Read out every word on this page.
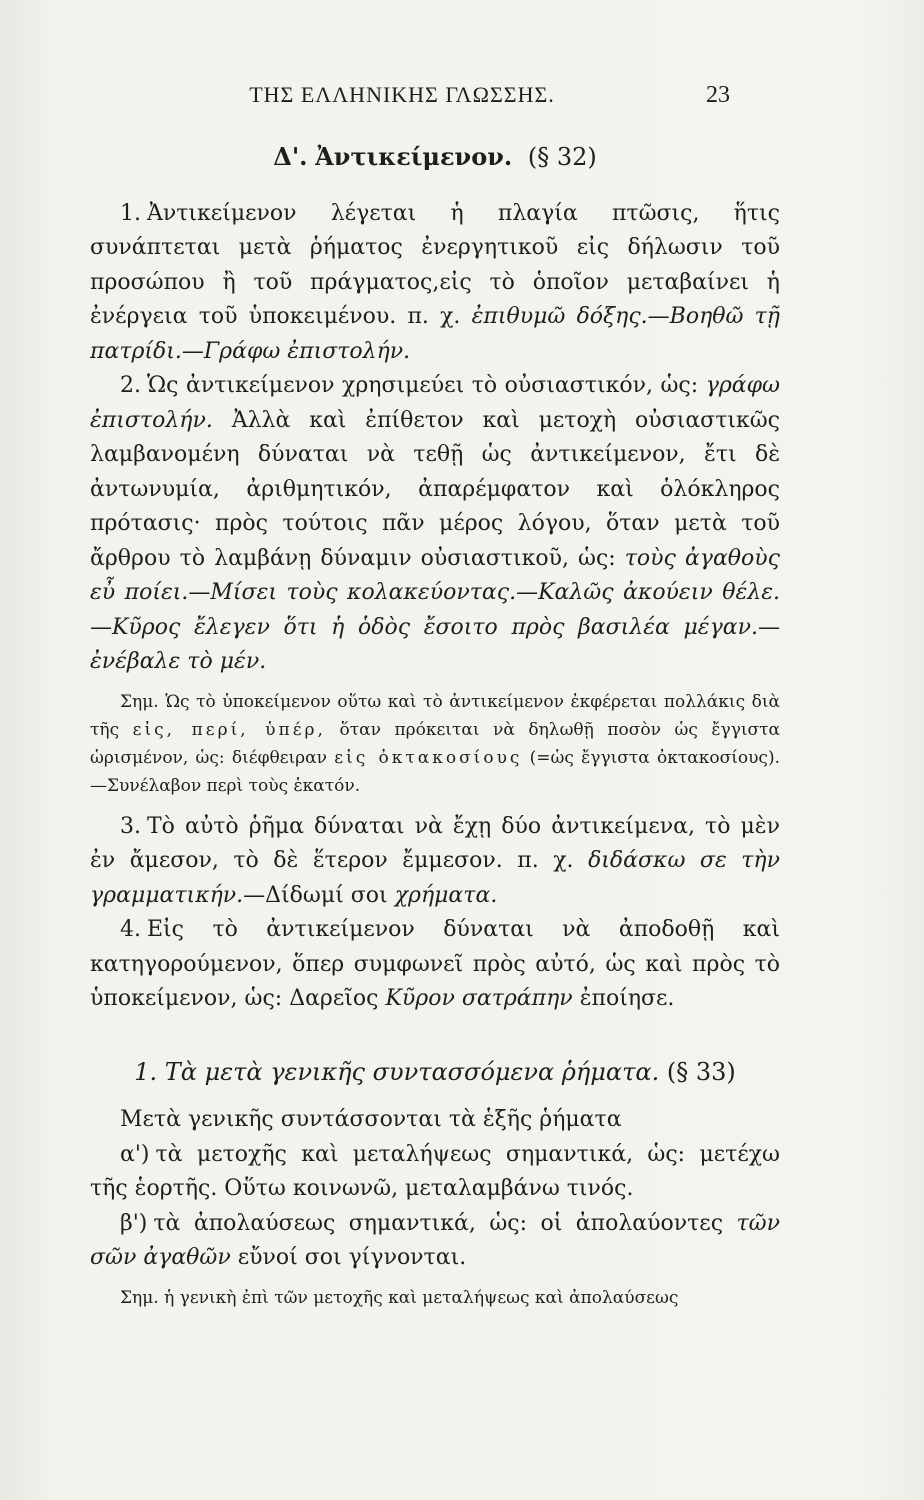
ΤΗΣ ΕΛΛΗΝΙΚΗΣ ΓΛΩΣΣΗΣ.	23
Δ'. Ἀντικείμενον. (§ 32)

1. Ἀντικείμενον λέγεται ἡ πλαγία πτῶσις, ἥτις συνάπτεται μετὰ ῥήματος ἐνεργητικοῦ εἰς δήλωσιν τοῦ προσώπου ἢ τοῦ πράγματος,εἰς τὸ ὁποῖον μεταβαίνει ἡ ἐνέργεια τοῦ ὑποκειμένου. π. χ. ἐπιθυμῶ δόξης.—Βοηθῶ τῇ πατρίδι.—Γράφω ἐπιστολήν.

2. Ὡς ἀντικείμενον χρησιμεύει τὸ οὐσιαστικόν, ὡς: γράφω ἐπιστολήν. Ἀλλὰ καὶ ἐπίθετον καὶ μετοχὴ οὐσιαστικῶς λαμβανομένη δύναται νὰ τεθῇ ὡς ἀντικείμενον, ἔτι δὲ ἀντωνυμία, ἀριθμητικόν, ἀπαρέμφατον καὶ ὁλόκληρος πρότασις· πρὸς τούτοις πᾶν μέρος λόγου, ὅταν μετὰ τοῦ ἄρθρου τὸ λαμβάνῃ δύναμιν οὐσιαστικοῦ, ὡς: τοὺς ἀγαθοὺς εὖ ποίει.—Μίσει τοὺς κολακεύοντας.—Καλῶς ἀκούειν θέλε.—Κῦρος ἔλεγεν ὅτι ἡ ὁδὸς ἔσοιτο πρὸς βασιλέα μέγαν.—ἐνέβαλε τὸ μέν.

Σημ. Ὡς τὸ ὑποκείμενον οὕτω καὶ τὸ ἀντικείμενον ἐκφέρεται πολλάκις διὰ τῆς εἰς, περί, ὑπέρ, ὅταν πρόκειται νὰ δηλωθῇ ποσὸν ὡς ἔγγιστα ὡρισμένον, ὡς: διέφθειραν εἰς ὀκτακοσίους (=ὡς ἔγγιστα ὀκτακοσίους).—Συνέλαβον περὶ τοὺς ἑκατόν.

3. Τὸ αὐτὸ ῥῆμα δύναται νὰ ἔχῃ δύο ἀντικείμενα, τὸ μὲν ἐν ἄμεσον, τὸ δὲ ἕτερον ἔμμεσον. π. χ. διδάσκω σε τὴν γραμματικήν.—Δίδωμί σοι χρήματα.

4. Εἰς τὸ ἀντικείμενον δύναται νὰ ἀποδοθῇ καὶ κατηγορούμενον, ὅπερ συμφωνεῖ πρὸς αὐτό, ὡς καὶ πρὸς τὸ ὑποκείμενον, ὡς: Δαρεῖος Κῦρον σατράπην ἐποίησε.

1. Τὰ μετὰ γενικῆς συντασσόμενα ῥήματα. (§ 33)

Μετὰ γενικῆς συντάσσονται τὰ ἑξῆς ῥήματα

α') τὰ μετοχῆς καὶ μεταλήψεως σημαντικά, ὡς: μετέχω τῆς ἑορτῆς. Οὕτω κοινωνῶ, μεταλαμβάνω τινός.

β') τὰ ἀπολαύσεως σημαντικά, ὡς: οἱ ἀπολαύοντες τῶν σῶν ἀγαθῶν εὔνοί σοι γίγνονται.

Σημ. ἡ γενικὴ ἐπὶ τῶν μετοχῆς καὶ μεταλήψεως καὶ ἀπολαύσεως
